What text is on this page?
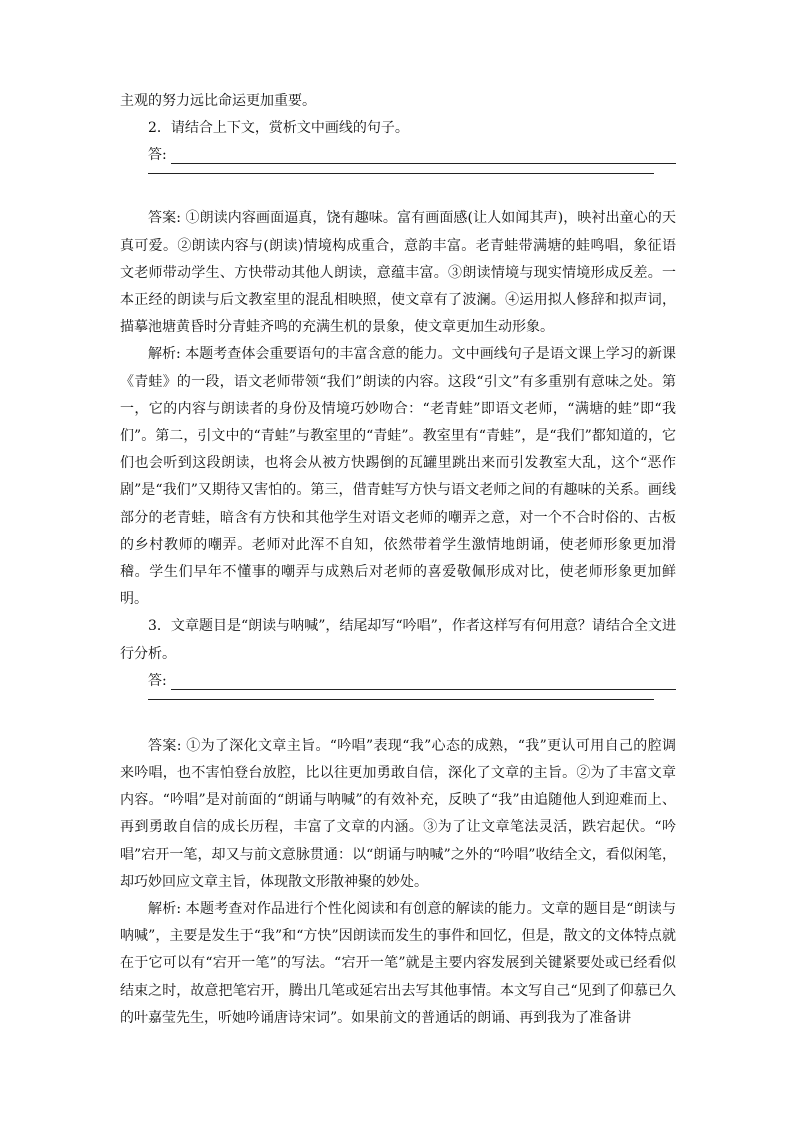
主观的努力远比命运更加重要。

2．请结合上下文，赏析文中画线的句子。

答:

答案: ①朗读内容画面逼真，饶有趣味。富有画面感(让人如闻其声)，映衬出童心的天真可爱。②朗读内容与(朗读)情境构成重合，意韵丰富。老青蛙带满塘的蛙鸣唱，象征语文老师带动学生、方快带动其他人朗读，意蕴丰富。③朗读情境与现实情境形成反差。一本正经的朗读与后文教室里的混乱相映照，使文章有了波澜。④运用拟人修辞和拟声词，描摹池塘黄昏时分青蛙齐鸣的充满生机的景象，使文章更加生动形象。

解析: 本题考查体会重要语句的丰富含意的能力。文中画线句子是语文课上学习的新课《青蛙》的一段，语文老师带领“我们”朗读的内容。这段“引文”有多重别有意味之处。第一，它的内容与朗读者的身份及情境巧妙吻合：“老青蛙”即语文老师，“满塘的蛙”即“我们”。第二，引文中的“青蛙”与教室里的“青蛙”。教室里有“青蛙”，是“我们”都知道的，它们也会听到这段朗读，也将会从被方快踢倒的瓦罐里跳出来而引发教室大乱，这个“恶作剧”是“我们”又期待又害怕的。第三，借青蛙写方快与语文老师之间的有趣味的关系。画线部分的老青蛙，暗含有方快和其他学生对语文老师的嘲弄之意，对一个不合时俗的、古板的乡村教师的嘲弄。老师对此浑不自知，依然带着学生激情地朗诵，使老师形象更加滑稽。学生们早年不懂事的嘲弄与成熟后对老师的喜爱敬佩形成对比，使老师形象更加鲜明。

3．文章题目是“朗读与呐喊”，结尾却写“吟唱”，作者这样写有何用意？请结合全文进行分析。

答:

答案: ①为了深化文章主旨。“吟唱”表现“我”心态的成熟，“我”更认可用自己的腔调来吟唱，也不害怕登台放腔，比以往更加勇敢自信，深化了文章的主旨。②为了丰富文章内容。“吟唱”是对前面的“朗诵与呐喊”的有效补充，反映了“我”由追随他人到迎难而上、再到勇敢自信的成长历程，丰富了文章的内涵。③为了让文章笔法灵活，跌宕起伏。“吟唱”宕开一笔，却又与前文意脉贯通：以“朗诵与呐喊”之外的“吟唱”收结全文，看似闲笔，却巧妙回应文章主旨，体现散文形散神聚的妙处。

解析: 本题考查对作品进行个性化阅读和有创意的解读的能力。文章的题目是“朗读与呐喊”，主要是发生于“我”和“方快”因朗读而发生的事件和回忆，但是，散文的文体特点就在于它可以有“宕开一笔”的写法。“宕开一笔”就是主要内容发展到关键紧要处或已经看似结束之时，故意把笔宕开，腾出几笔或延宕出去写其他事情。本文写自己“见到了仰慕已久的叶嘉莹先生，听她吟诵唐诗宋词”。如果前文的普通话的朗诵、再到我为了准备讲
